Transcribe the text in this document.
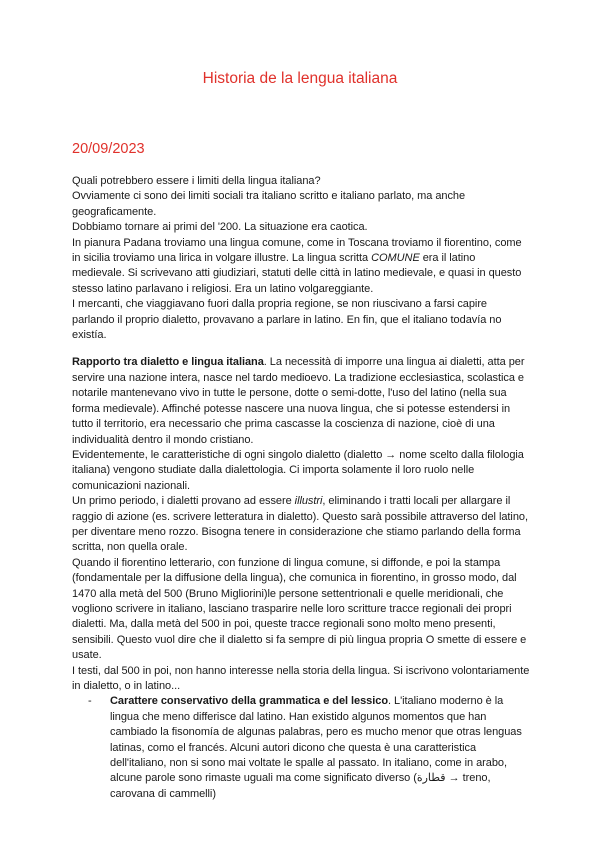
Historia de la lengua italiana
20/09/2023

Quali potrebbero essere i limiti della lingua italiana?

Ovviamente ci sono dei limiti sociali tra italiano scritto e italiano parlato, ma anche geograficamente.

Dobbiamo tornare ai primi del '200. La situazione era caotica.

In pianura Padana troviamo una lingua comune, come in Toscana troviamo il fiorentino, come in sicilia troviamo una lirica in volgare illustre. La lingua scritta COMUNE era il latino medievale. Si scrivevano atti giudiziari, statuti delle città in latino medievale, e quasi in questo stesso latino parlavano i religiosi. Era un latino volgareggiante.

I mercanti, che viaggiavano fuori dalla propria regione, se non riuscivano a farsi capire parlando il proprio dialetto, provavano a parlare in latino. En fin, que el italiano todavía no existía.

Rapporto tra dialetto e lingua italiana. La necessità di imporre una lingua ai dialetti, atta per servire una nazione intera, nasce nel tardo medioevo. La tradizione ecclesiastica, scolastica e notarile mantenevano vivo in tutte le persone, dotte o semi-dotte, l'uso del latino (nella sua forma medievale). Affinché potesse nascere una nuova lingua, che si potesse estendersi in tutto il territorio, era necessario che prima cascasse la coscienza di nazione, cioè di una individualità dentro il mondo cristiano.

Evidentemente, le caratteristiche di ogni singolo dialetto (dialetto → nome scelto dalla filologia italiana) vengono studiate dalla dialettologia. Ci importa solamente il loro ruolo nelle comunicazioni nazionali.

Un primo periodo, i dialetti provano ad essere illustri, eliminando i tratti locali per allargare il raggio di azione (es. scrivere letteratura in dialetto). Questo sarà possibile attraverso del latino, per diventare meno rozzo. Bisogna tenere in considerazione che stiamo parlando della forma scritta, non quella orale.

Quando il fiorentino letterario, con funzione di lingua comune, si diffonde, e poi la stampa (fondamentale per la diffusione della lingua), che comunica in fiorentino, in grosso modo, dal 1470 alla metà del 500 (Bruno Migliorini)le persone settentrionali e quelle meridionali, che vogliono scrivere in italiano, lasciano trasparire nelle loro scritture tracce regionali dei propri dialetti. Ma, dalla metà del 500 in poi, queste tracce regionali sono molto meno presenti, sensibili. Questo vuol dire che il dialetto si fa sempre di più lingua propria O smette di essere e usate.

I testi, dal 500 in poi, non hanno interesse nella storia della lingua. Si iscrivono volontariamente in dialetto, o in latino...

- Carattere conservativo della grammatica e del lessico. L'italiano moderno è la lingua che meno differisce dal latino. Han existido algunos momentos que han cambiado la fisonomía de algunas palabras, pero es mucho menor que otras lenguas latinas, como el francés. Alcuni autori dicono che questa è una caratteristica dell'italiano, non si sono mai voltate le spalle al passato. In italiano, come in arabo, alcune parole sono rimaste uguali ma come significato diverso (قطارة → treno, carovana di cammelli)
